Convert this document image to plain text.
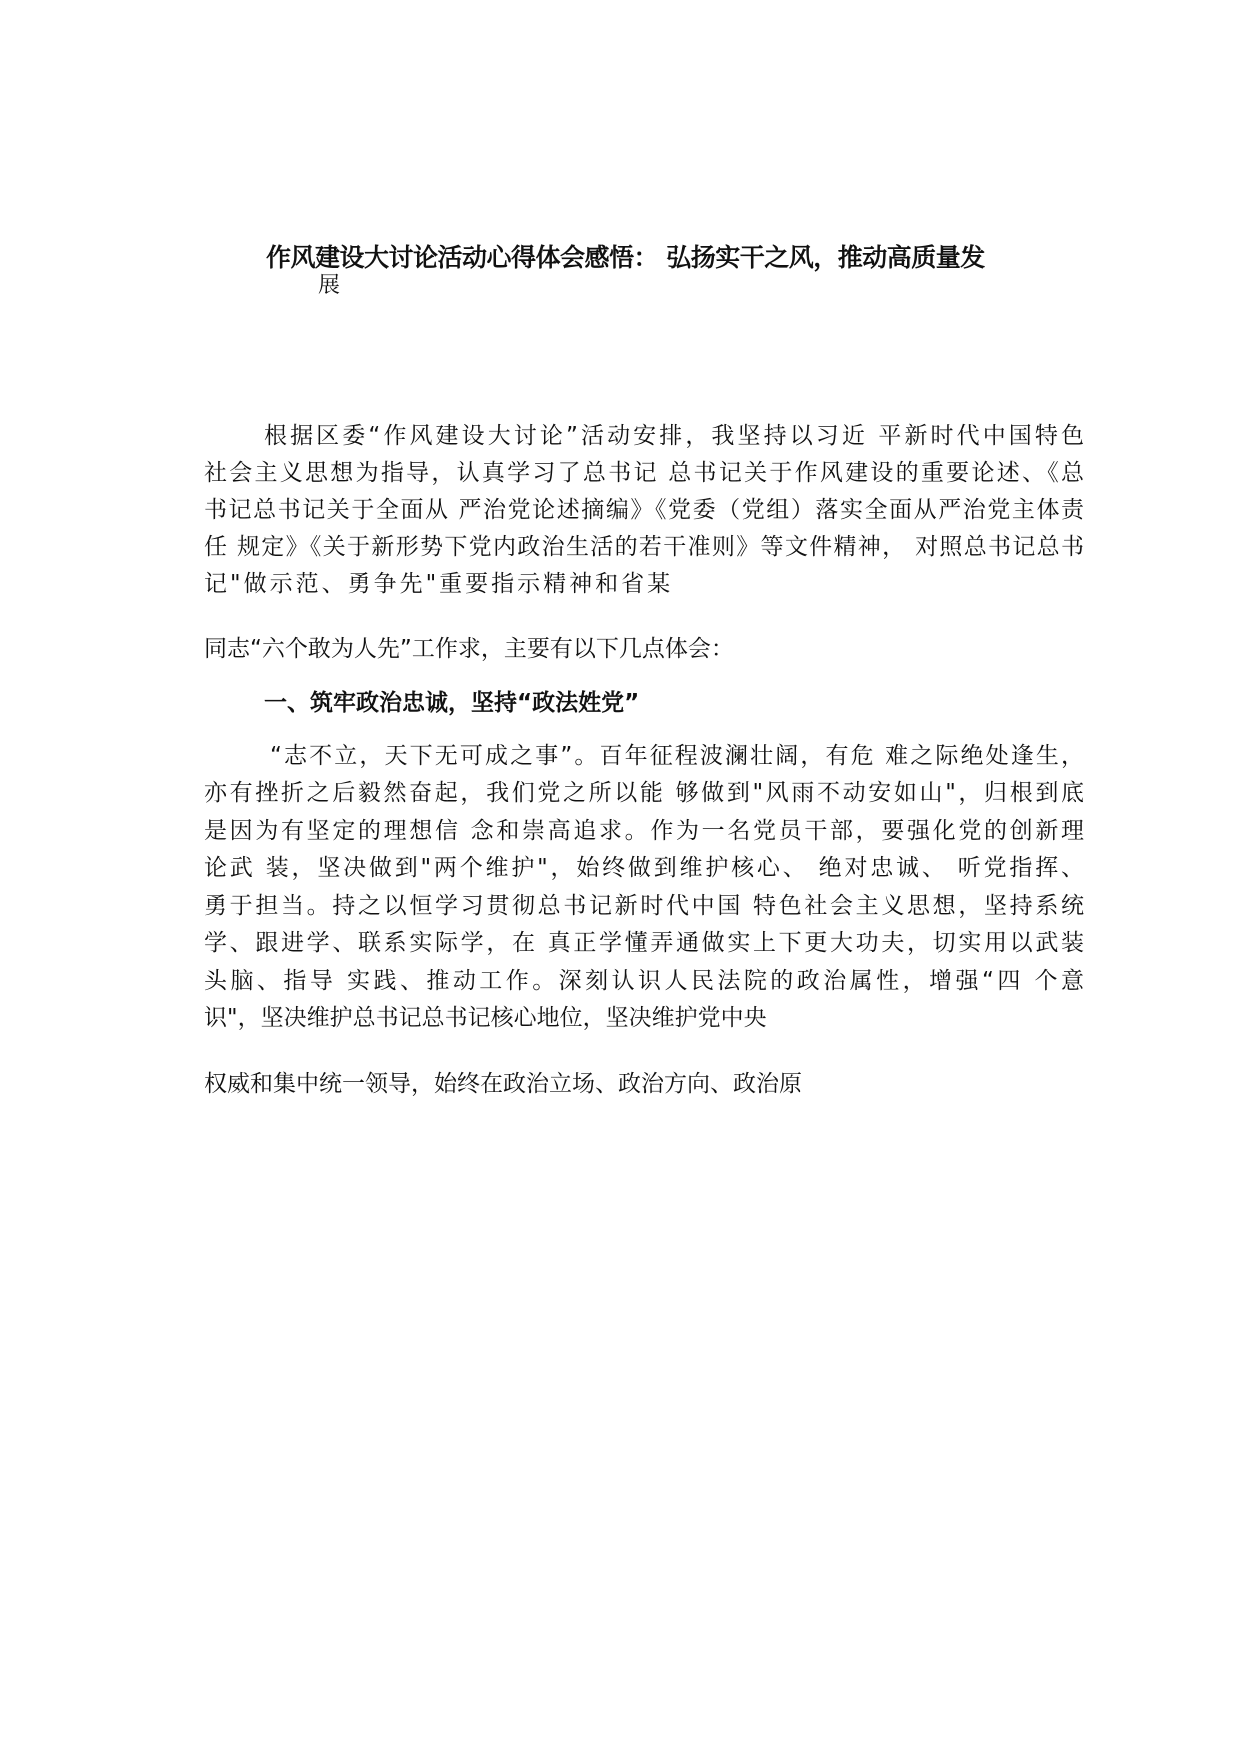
作风建设大讨论活动心得体会感悟： 弘扬实干之风，推动高质量发
展
根据区委“作风建设大讨论”活动安排，我坚持以习近 平新时代中国特色
社会主义思想为指导，认真学习了总书记 总书记关于作风建设的重要论述、《总
书记总书记关于全面从 严治党论述摘编》《党委（党组）落实全面从严治党主体责
任 规定》《关于新形势下党内政治生活的若干准则》等文件精神， 对照总书记总书
记"做示范、勇争先"重要指示精神和省某
同志“六个敢为人先”工作求，主要有以下几点体会：
一、筑牢政治忠诚，坚持“政法姓党”
“志不立，天下无可成之事”。百年征程波澜壮阔，有危 难之际绝处逢生，
亦有挫折之后毅然奋起，我们党之所以能 够做到"风雨不动安如山"，归根到底
是因为有坚定的理想信 念和崇高追求。作为一名党员干部，要强化党的创新理
论武 装，坚决做到"两个维护"，始终做到维护核心、 绝对忠诚、 听党指挥、
勇于担当。持之以恒学习贯彻总书记新时代中国 特色社会主义思想，坚持系统
学、跟进学、联系实际学，在 真正学懂弄通做实上下更大功夫，切实用以武装
头脑、指导 实践、推动工作。深刻认识人民法院的政治属性，增强“四 个意
识"，坚决维护总书记总书记核心地位，坚决维护党中央
权威和集中统一领导，始终在政治立场、政治方向、政治原
